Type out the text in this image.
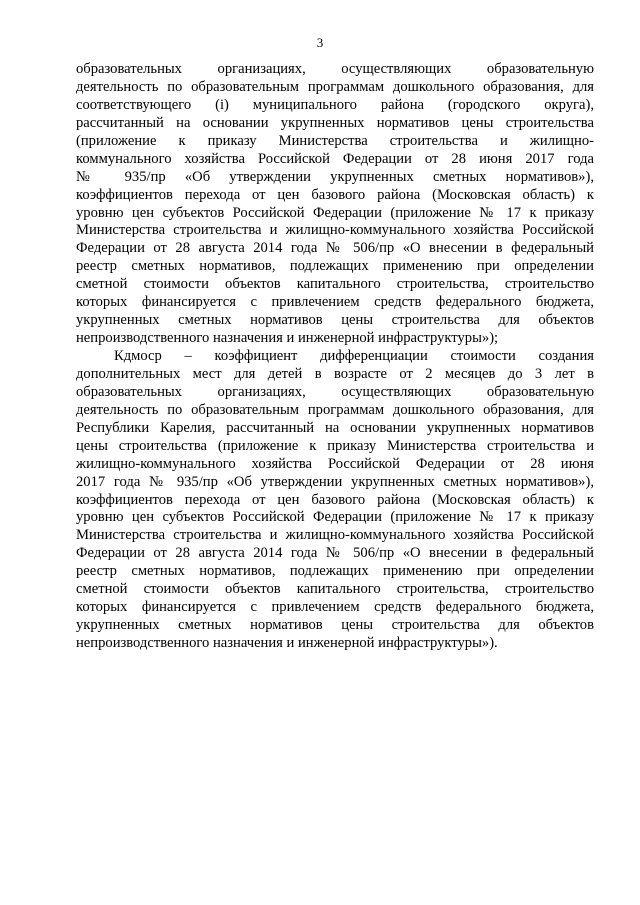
3
образовательных организациях, осуществляющих образовательную
деятельность по образовательным программам дошкольного образования, для
соответствующего (i) муниципального района (городского округа),
рассчитанный на основании укрупненных нормативов цены строительства
(приложение к приказу Министерства строительства и жилищно-
коммунального хозяйства Российской Федерации от 28 июня 2017 года
№ 935/пр «Об утверждении укрупненных сметных нормативов»),
коэффициентов перехода от цен базового района (Московская область) к
уровню цен субъектов Российской Федерации (приложение № 17 к приказу
Министерства строительства и жилищно-коммунального хозяйства Российской
Федерации от 28 августа 2014 года № 506/пр «О внесении в федеральный
реестр сметных нормативов, подлежащих применению при определении
сметной стоимости объектов капитального строительства, строительство
которых финансируется с привлечением средств федерального бюджета,
укрупненных сметных нормативов цены строительства для объектов
непроизводственного назначения и инженерной инфраструктуры»);
Кдмоср – коэффициент дифференциации стоимости создания
дополнительных мест для детей в возрасте от 2 месяцев до 3 лет в
образовательных организациях, осуществляющих образовательную
деятельность по образовательным программам дошкольного образования, для
Республики Карелия, рассчитанный на основании укрупненных нормативов
цены строительства (приложение к приказу Министерства строительства и
жилищно-коммунального хозяйства Российской Федерации от 28 июня
2017 года № 935/пр «Об утверждении укрупненных сметных нормативов»),
коэффициентов перехода от цен базового района (Московская область) к
уровню цен субъектов Российской Федерации (приложение № 17 к приказу
Министерства строительства и жилищно-коммунального хозяйства Российской
Федерации от 28 августа 2014 года № 506/пр «О внесении в федеральный
реестр сметных нормативов, подлежащих применению при определении
сметной стоимости объектов капитального строительства, строительство
которых финансируется с привлечением средств федерального бюджета,
укрупненных сметных нормативов цены строительства для объектов
непроизводственного назначения и инженерной инфраструктуры»).
